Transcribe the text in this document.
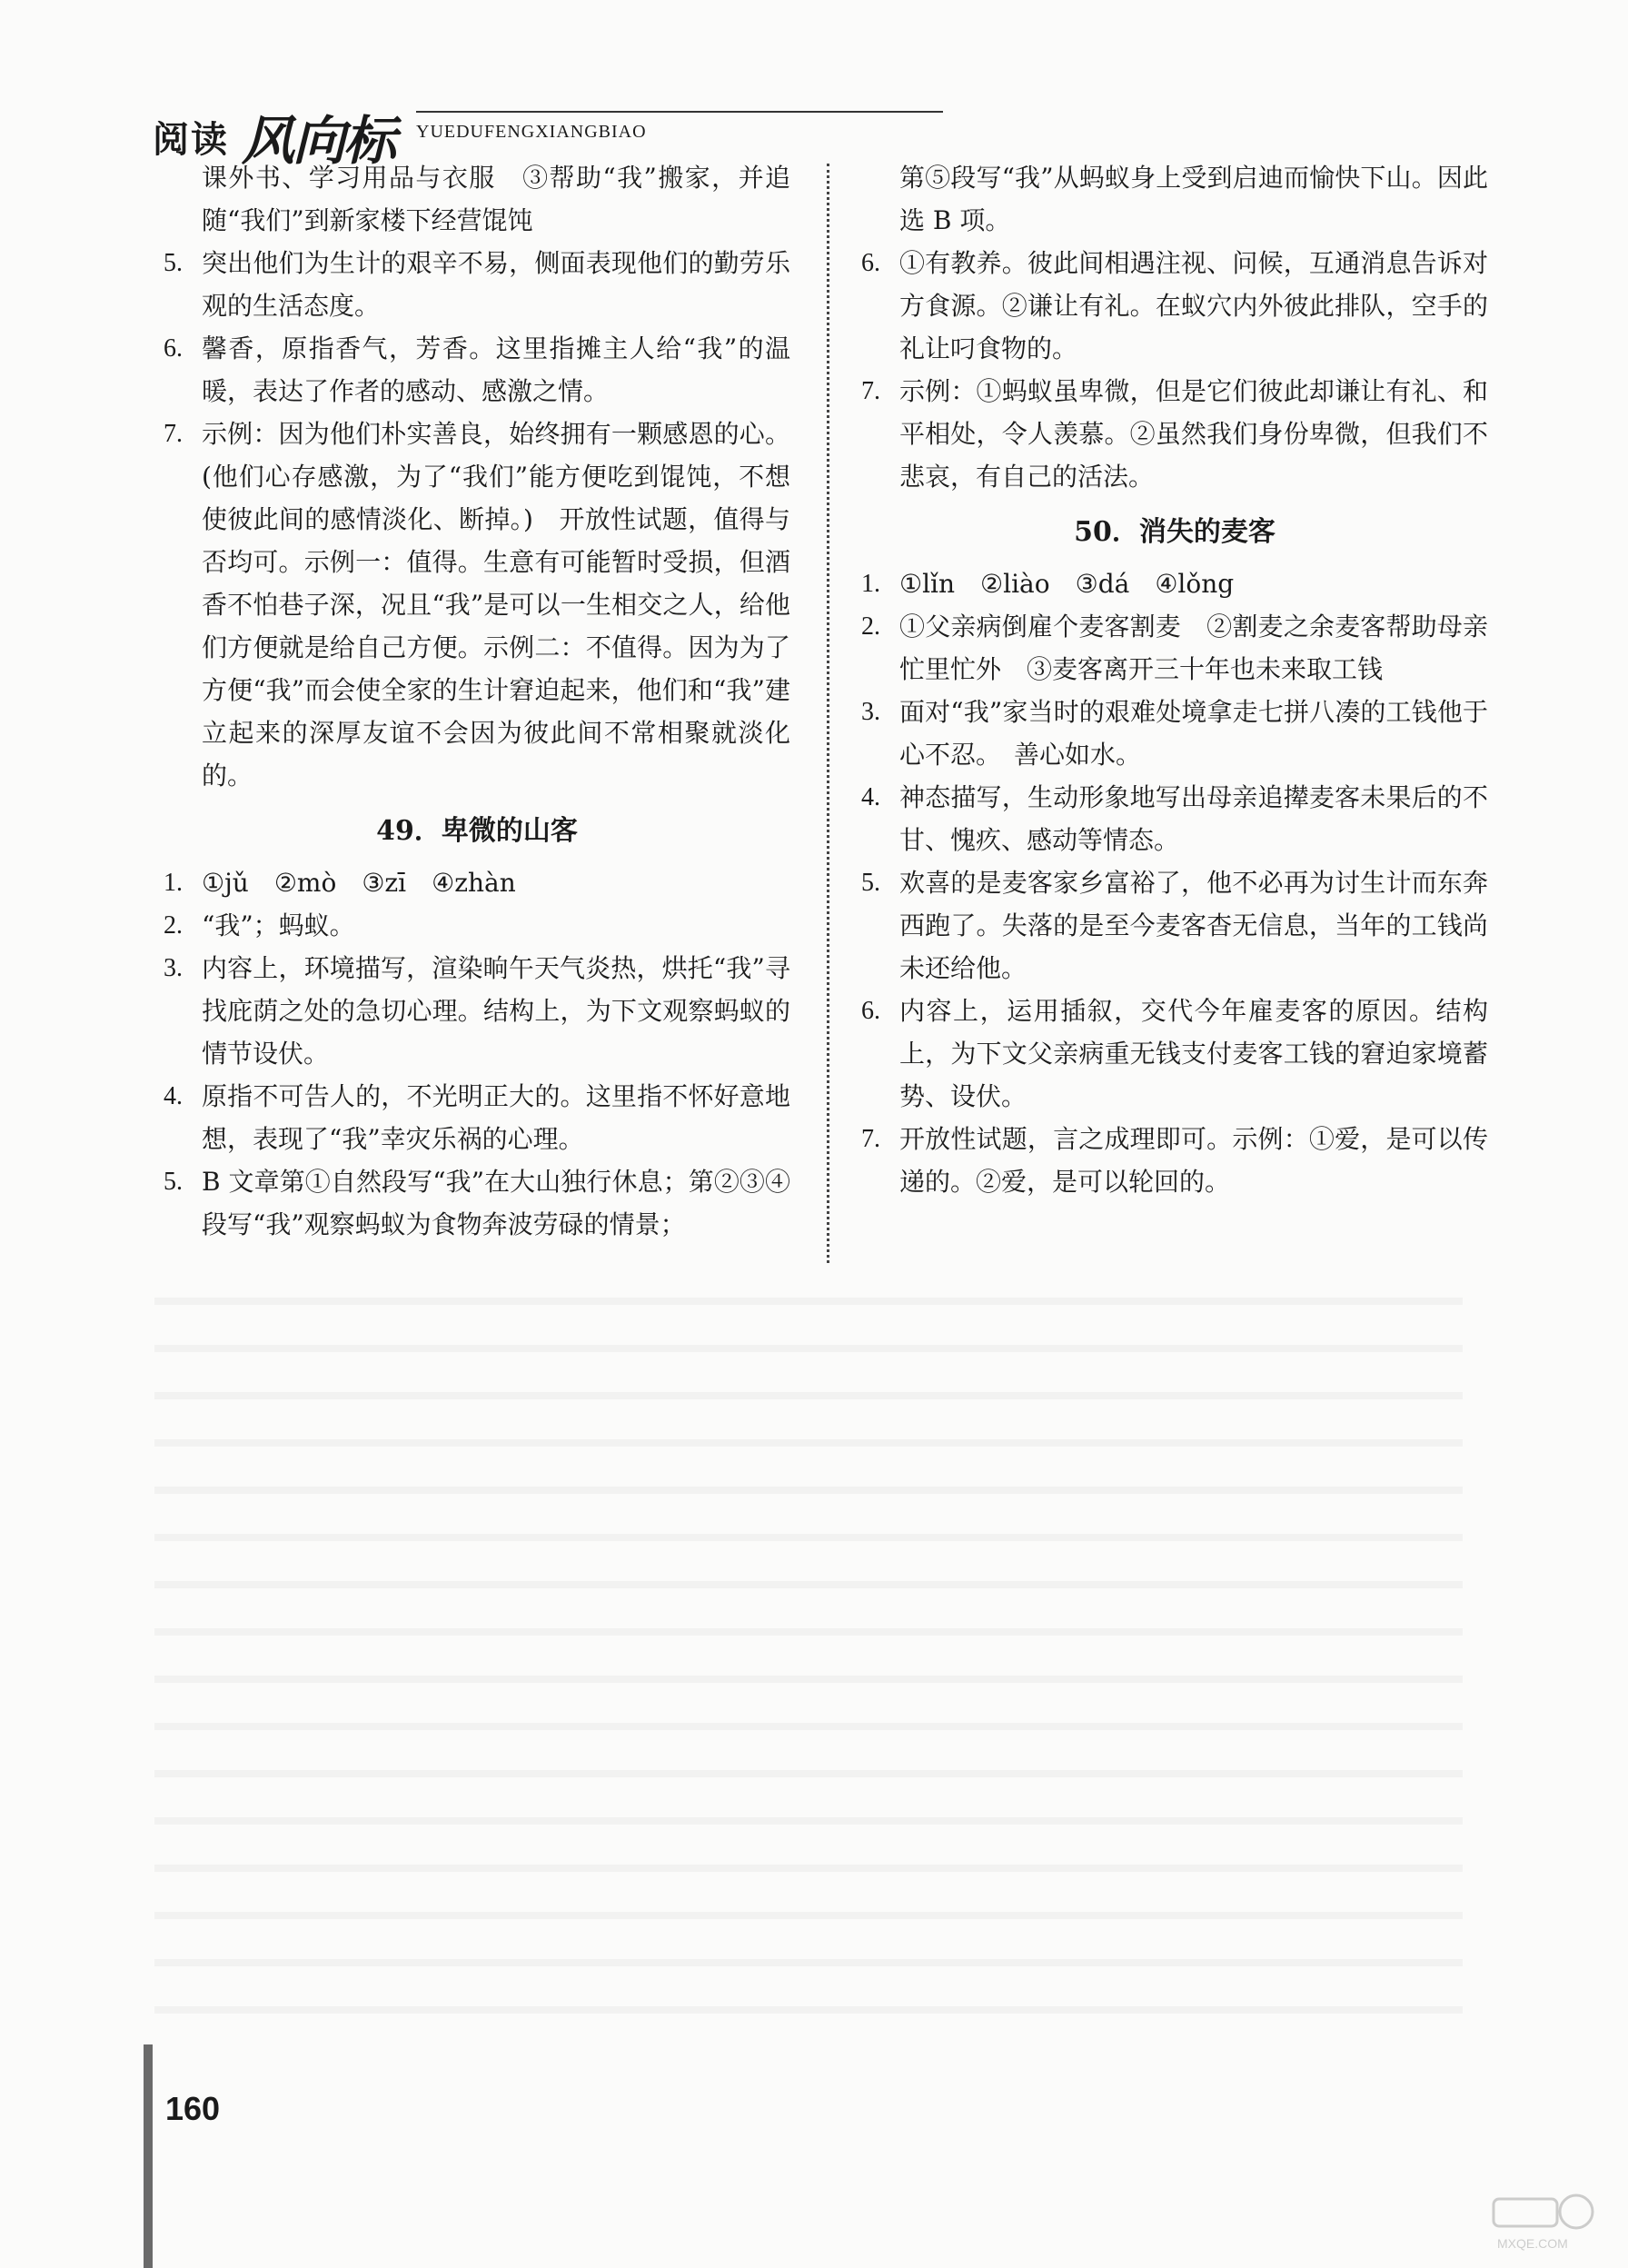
阅读 风向标 YUEDUFENGXIANGBIAO
课外书、学习用品与衣服　③帮助“我”搬家，并追随“我们”到新家楼下经营馄饨
5. 突出他们为生计的艰辛不易，侧面表现他们的勤劳乐观的生活态度。
6. 馨香，原指香气，芳香。这里指摊主人给“我”的温暖，表达了作者的感动、感激之情。
7. 示例：因为他们朴实善良，始终拥有一颗感恩的心。(他们心存感激，为了“我们”能方便吃到馄饨，不想使彼此间的感情淡化、断掉。)　开放性试题，值得与否均可。示例一：值得。生意有可能暂时受损，但酒香不怕巷子深，况且“我”是可以一生相交之人，给他们方便就是给自己方便。示例二：不值得。因为为了方便“我”而会使全家的生计窘迫起来，他们和“我”建立起来的深厚友谊不会因为彼此间不常相聚就淡化的。
49．卑微的山客
1. ①jǔ　②mò　③zī　④zhàn
2. “我”；蚂蚁。
3. 内容上，环境描写，渲染晌午天气炎热，烘托“我”寻找庇荫之处的急切心理。结构上，为下文观察蚂蚁的情节设伏。
4. 原指不可告人的，不光明正大的。这里指不怀好意地想，表现了“我”幸灾乐祸的心理。
5. B 文章第①自然段写“我”在大山独行休息；第②③④段写“我”观察蚂蚁为食物奔波劳碌的情景；
第⑤段写“我”从蚂蚁身上受到启迪而愉快下山。因此选 B 项。
6. ①有教养。彼此间相遇注视、问候，互通消息告诉对方食源。②谦让有礼。在蚁穴内外彼此排队，空手的礼让叼食物的。
7. 示例：①蚂蚁虽卑微，但是它们彼此却谦让有礼、和平相处，令人羡慕。②虽然我们身份卑微，但我们不悲哀，有自己的活法。
50．消失的麦客
1. ①lǐn　②liào　③dá　④lǒng
2. ①父亲病倒雇个麦客割麦　②割麦之余麦客帮助母亲忙里忙外　③麦客离开三十年也未来取工钱
3. 面对“我”家当时的艰难处境拿走七拼八凑的工钱他于心不忍。　善心如水。
4. 神态描写，生动形象地写出母亲追撵麦客未果后的不甘、愧疚、感动等情态。
5. 欢喜的是麦客家乡富裕了，他不必再为讨生计而东奔西跑了。失落的是至今麦客杳无信息，当年的工钱尚未还给他。
6. 内容上，运用插叙，交代今年雇麦客的原因。结构上，为下文父亲病重无钱支付麦客工钱的窘迫家境蓄势、设伏。
7. 开放性试题，言之成理即可。示例：①爱，是可以传递的。②爱，是可以轮回的。
160
MXQE.COM
